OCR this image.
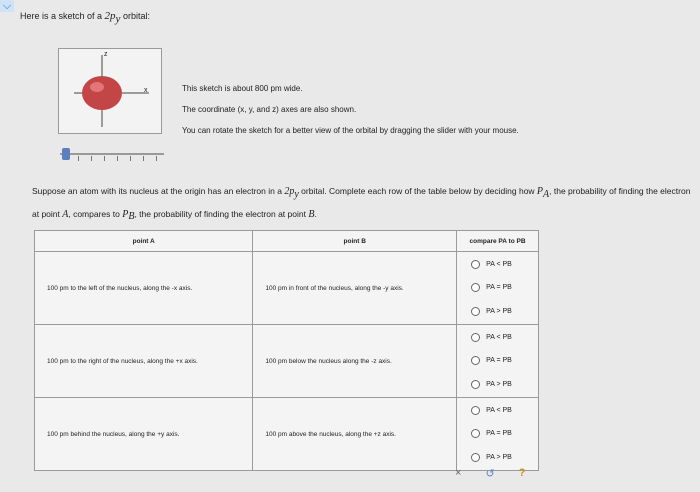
⌵
Here is a sketch of a $2p_y$ orbital:
z
x	This sketch is about 800 pm wide.
The coordinate (x, y, and z) axes are also shown.
You can rotate the sketch for a better view of the orbital by dragging the slider with your mouse.
Suppose an atom with its nucleus at the origin has an electron in a $2p_y$ orbital. Complete each row of the table below by deciding how $P_A$, the probability of finding the electron at point A, compares to $P_B$, the probability of finding the electron at point B.
point A	point B	compare PA to PB
100 pm to the left of the nucleus, along the -x axis.	100 pm in front of the nucleus, along the -y axis.	PA < PB
PA = PB
PA > PB

100 pm to the right of the nucleus, along the +x axis.	100 pm below the nucleus along the -z axis.	PA < PB
PA = PB
PA > PB

100 pm behind the nucleus, along the +y axis.	100 pm above the nucleus, along the +z axis.	PA < PB
PA = PB
PA > PB
× ↺ ?
